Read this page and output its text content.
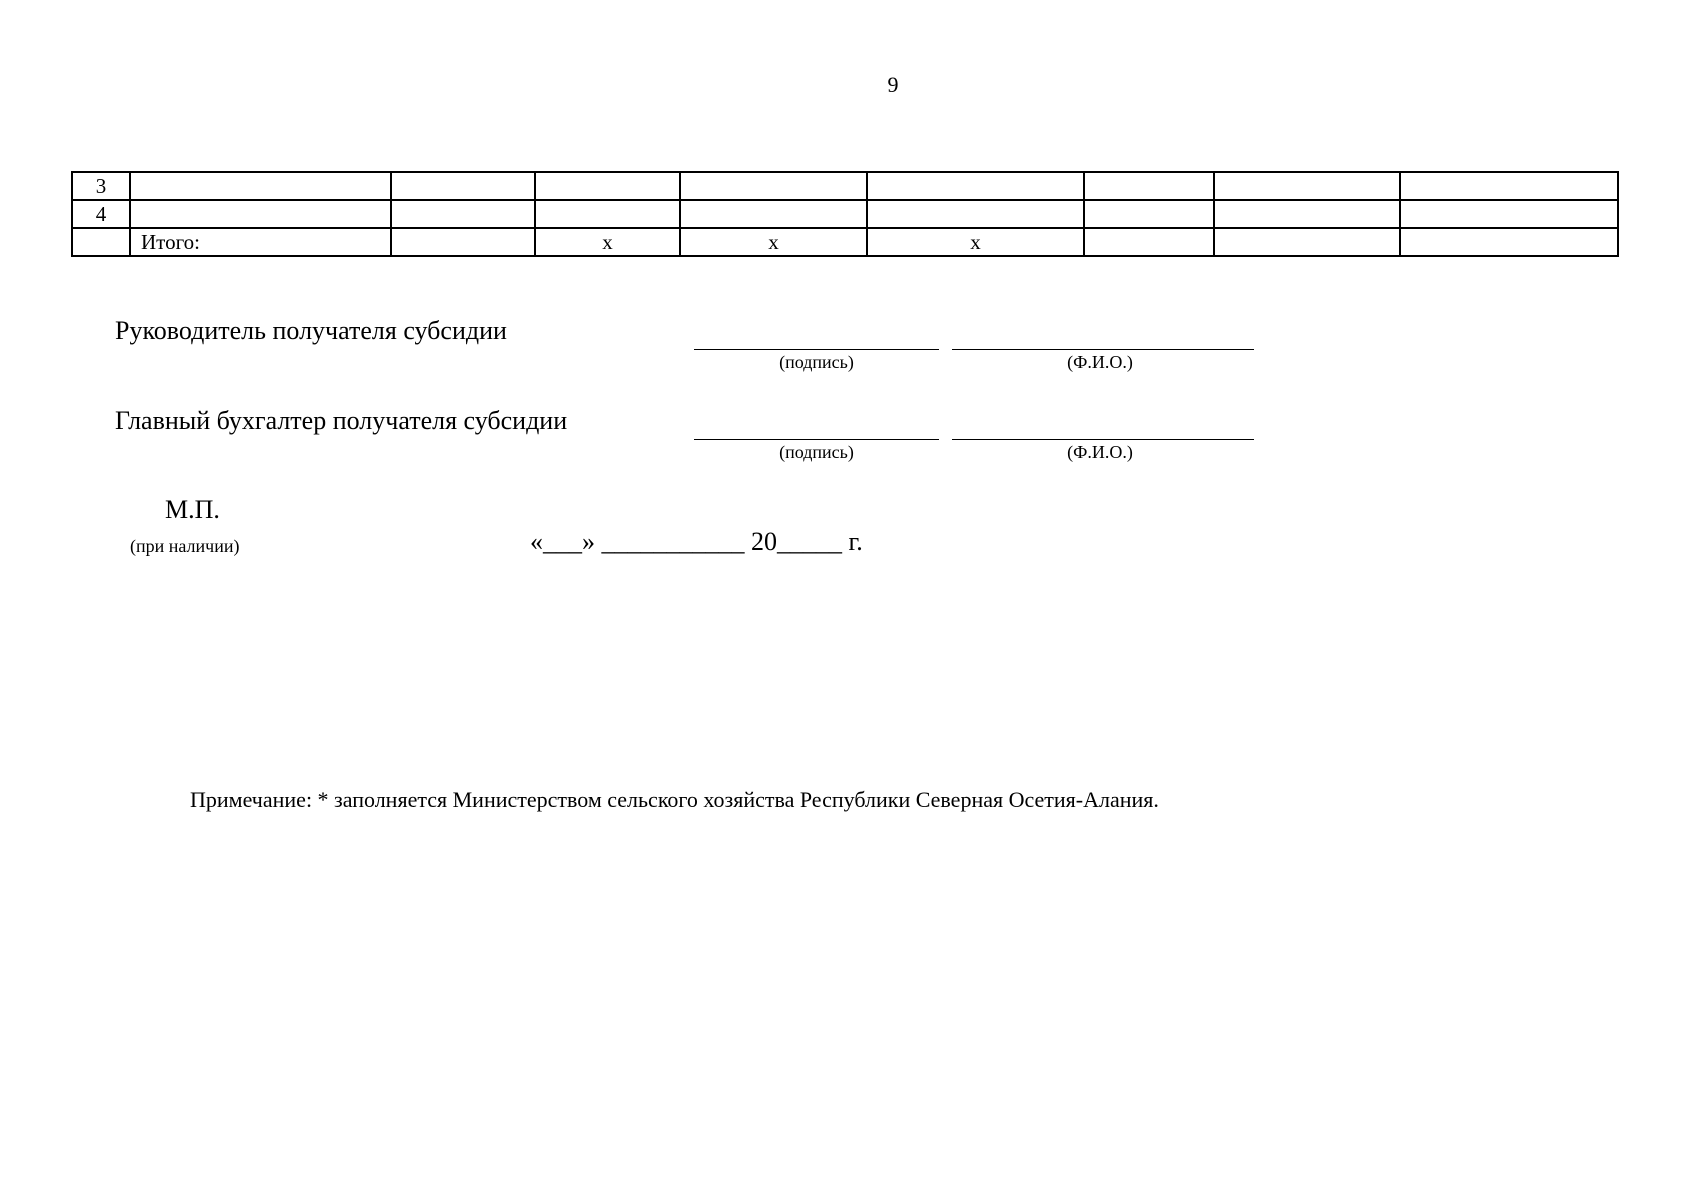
9
3								
4								
	Итого:		x	x	x			
Руководитель получателя субсидии
(подпись)	(Ф.И.О.)
Главный бухгалтер получателя субсидии
(подпись)	(Ф.И.О.)
М.П.
(при наличии)	«___» ___________ 20_____ г.
Примечание: * заполняется Министерством сельского хозяйства Республики Северная Осетия-Алания.
